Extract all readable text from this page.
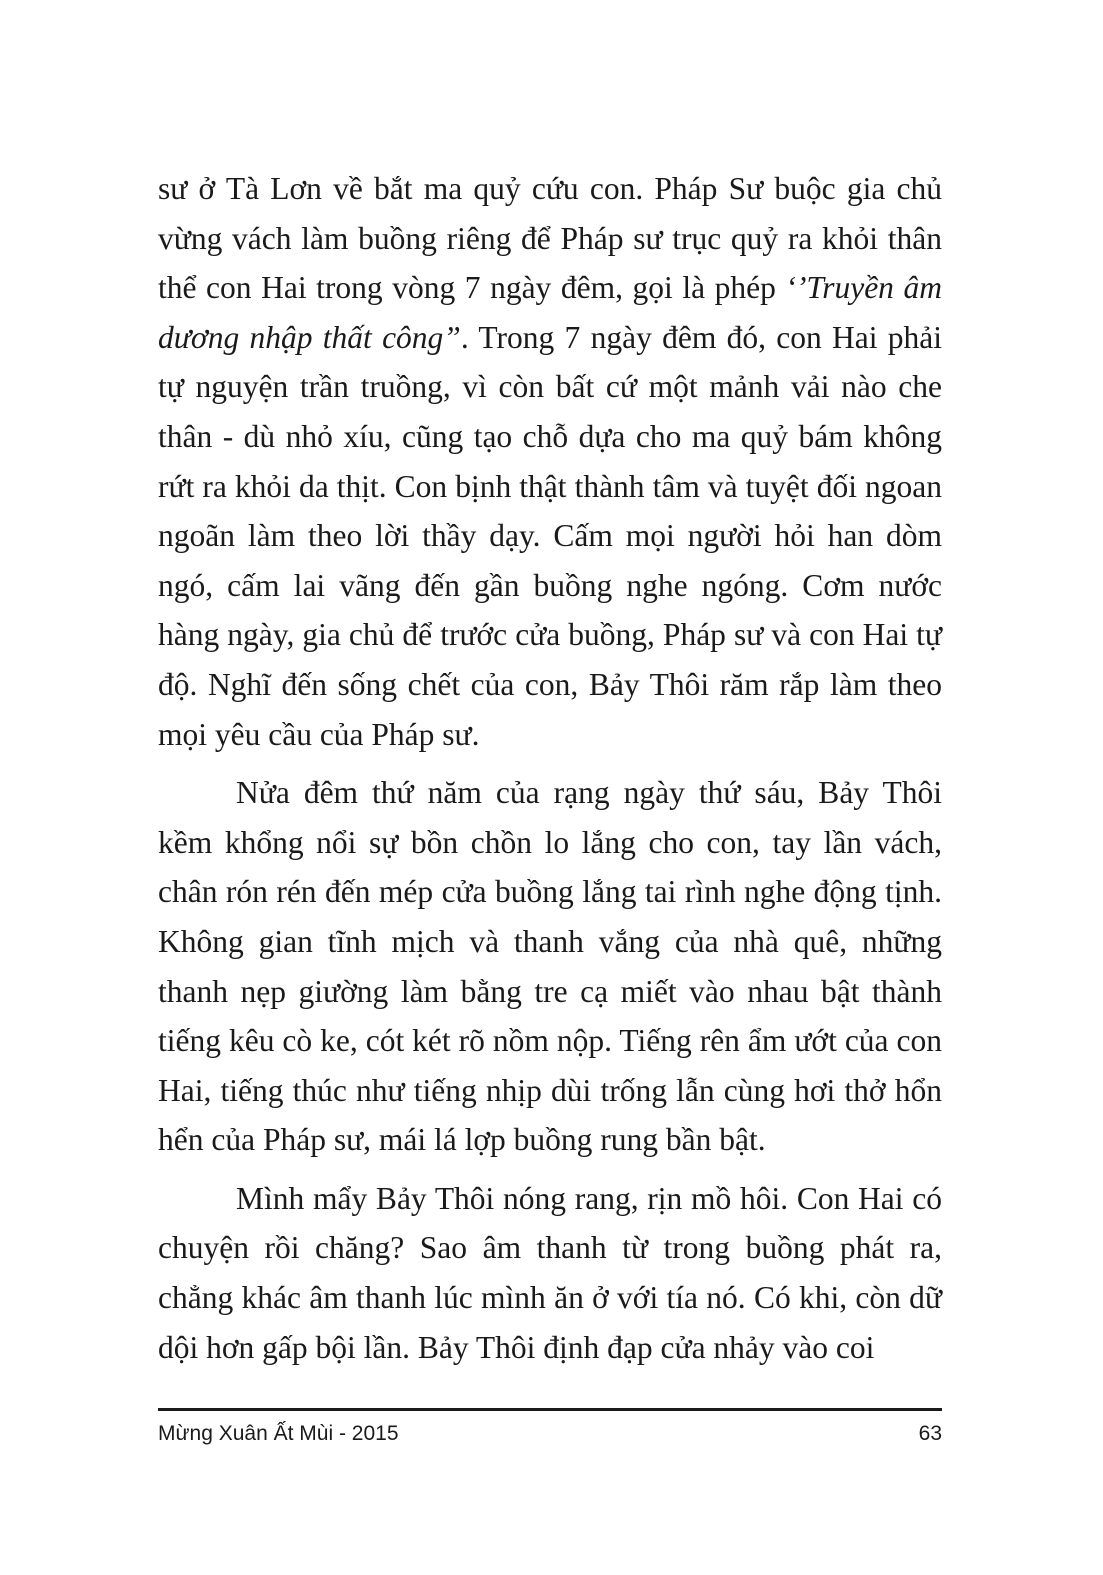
sư ở Tà Lơn về bắt ma quỷ cứu con. Pháp Sư buộc gia chủ vừng vách làm buồng riêng để Pháp sư trục quỷ ra khỏi thân thể con Hai trong vòng 7 ngày đêm, gọi là phép ‘’Truyền âm dương nhập thất công”. Trong 7 ngày đêm đó, con Hai phải tự nguyện trần truồng, vì còn bất cứ một mảnh vải nào che thân - dù nhỏ xíu, cũng tạo chỗ dựa cho ma quỷ bám không rứt ra khỏi da thịt. Con bịnh thật thành tâm và tuyệt đối ngoan ngoãn làm theo lời thầy dạy. Cấm mọi người hỏi han dòm ngó, cấm lai vãng đến gần buồng nghe ngóng. Cơm nước hàng ngày, gia chủ để trước cửa buồng, Pháp sư và con Hai tự độ. Nghĩ đến sống chết của con, Bảy Thôi răm rắp làm theo mọi yêu cầu của Pháp sư.

Nửa đêm thứ năm của rạng ngày thứ sáu, Bảy Thôi kềm khổng nổi sự bồn chồn lo lắng cho con, tay lần vách, chân rón rén đến mép cửa buồng lắng tai rình nghe động tịnh. Không gian tĩnh mịch và thanh vắng của nhà quê, những thanh nẹp giường làm bằng tre cạ miết vào nhau bật thành tiếng kêu cò ke, cót két rõ nồm nộp. Tiếng rên ẩm ướt của con Hai, tiếng thúc như tiếng nhịp dùi trống lẫn cùng hơi thở hổn hển của Pháp sư, mái lá lợp buồng rung bần bật.

Mình mẩy Bảy Thôi nóng rang, rịn mồ hôi. Con Hai có chuyện rồi chăng? Sao âm thanh từ trong buồng phát ra, chẳng khác âm thanh lúc mình ăn ở với tía nó. Có khi, còn dữ dội hơn gấp bội lần. Bảy Thôi định đạp cửa nhảy vào coi

Mừng Xuân Ất Mùi - 2015	63
